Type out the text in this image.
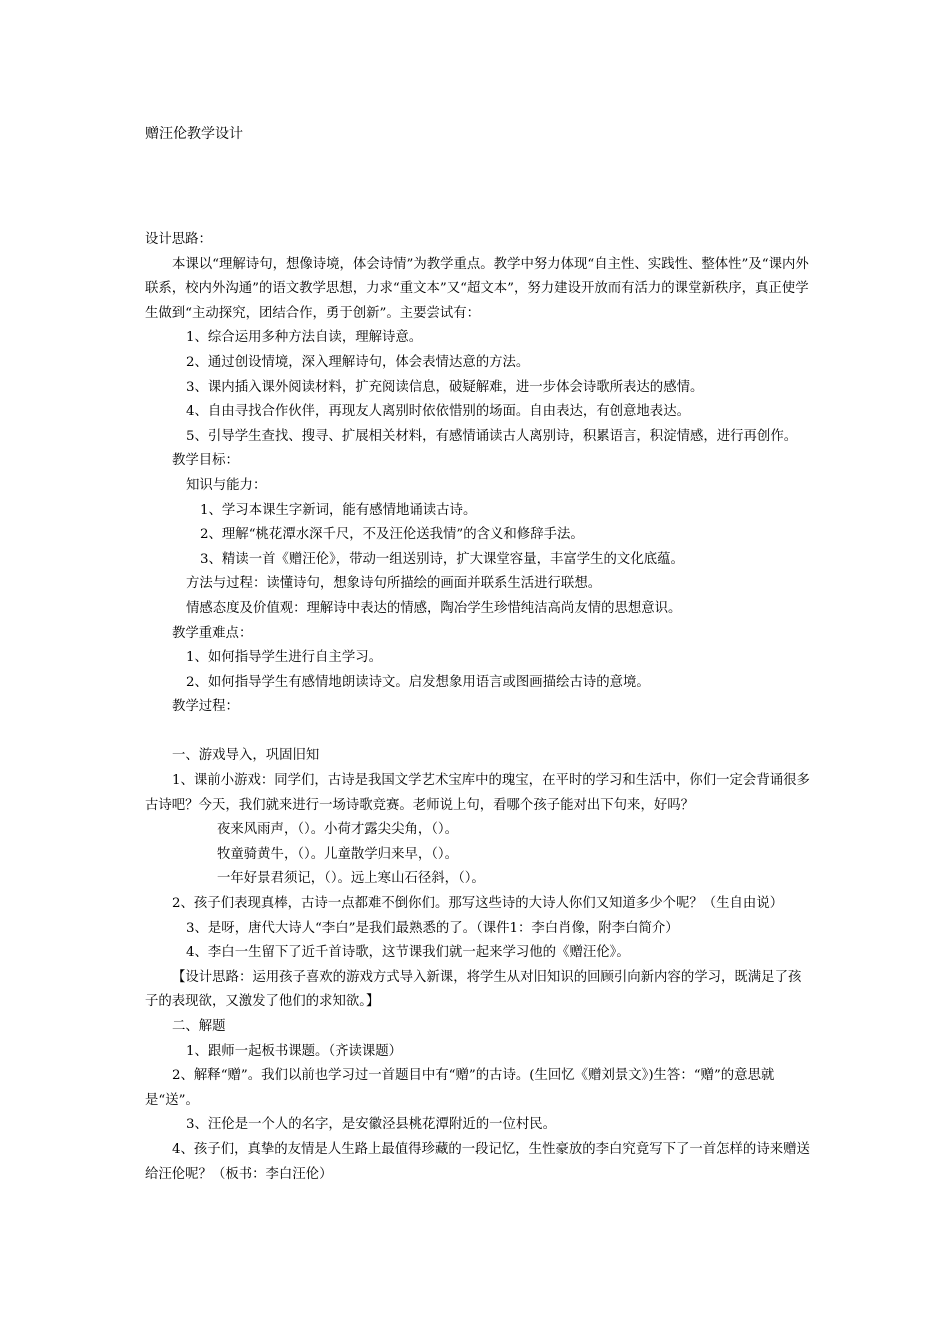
赠汪伦教学设计

设计思路：

本课以“理解诗句，想像诗境，体会诗情”为教学重点。教学中努力体现“自主性、实践性、整体性”及“课内外联系，校内外沟通”的语文教学思想，力求“重文本”又“超文本”，努力建设开放而有活力的课堂新秩序，真正使学生做到“主动探究，团结合作，勇于创新”。主要尝试有：

1、综合运用多种方法自读，理解诗意。

2、通过创设情境，深入理解诗句，体会表情达意的方法。

3、课内插入课外阅读材料，扩充阅读信息，破疑解难，进一步体会诗歌所表达的感情。

4、自由寻找合作伙伴，再现友人离别时依依惜别的场面。自由表达，有创意地表达。

5、引导学生查找、搜寻、扩展相关材料，有感情诵读古人离别诗，积累语言，积淀情感，进行再创作。

教学目标：

知识与能力：

1、学习本课生字新词，能有感情地诵读古诗。

2、理解“桃花潭水深千尺，不及汪伦送我情”的含义和修辞手法。

3、精读一首《赠汪伦》，带动一组送别诗，扩大课堂容量，丰富学生的文化底蕴。

方法与过程：读懂诗句，想象诗句所描绘的画面并联系生活进行联想。

情感态度及价值观：理解诗中表达的情感，陶冶学生珍惜纯洁高尚友情的思想意识。

教学重难点：

1、如何指导学生进行自主学习。

2、如何指导学生有感情地朗读诗文。启发想象用语言或图画描绘古诗的意境。

教学过程：

一、游戏导入，巩固旧知

1、课前小游戏：同学们，古诗是我国文学艺术宝库中的瑰宝，在平时的学习和生活中，你们一定会背诵很多古诗吧？今天，我们就来进行一场诗歌竞赛。老师说上句，看哪个孩子能对出下句来，好吗？

夜来风雨声，（）。小荷才露尖尖角，（）。

牧童骑黄牛，（）。儿童散学归来早，（）。

一年好景君须记，（）。远上寒山石径斜，（）。

2、孩子们表现真棒，古诗一点都难不倒你们。那写这些诗的大诗人你们又知道多少个呢？（生自由说）

3、是呀，唐代大诗人“李白”是我们最熟悉的了。（课件1：李白肖像，附李白简介）

4、李白一生留下了近千首诗歌，这节课我们就一起来学习他的《赠汪伦》。

【设计思路：运用孩子喜欢的游戏方式导入新课，将学生从对旧知识的回顾引向新内容的学习，既满足了孩子的表现欲，又激发了他们的求知欲。】

二、解题

1、跟师一起板书课题。（齐读课题）

2、解释“赠”。我们以前也学习过一首题目中有“赠”的古诗。(生回忆《赠刘景文》)生答：“赠”的意思就是“送”。

3、汪伦是一个人的名字，是安徽泾县桃花潭附近的一位村民。

4、孩子们，真挚的友情是人生路上最值得珍藏的一段记忆，生性豪放的李白究竟写下了一首怎样的诗来赠送给汪伦呢？（板书：李白汪伦）
